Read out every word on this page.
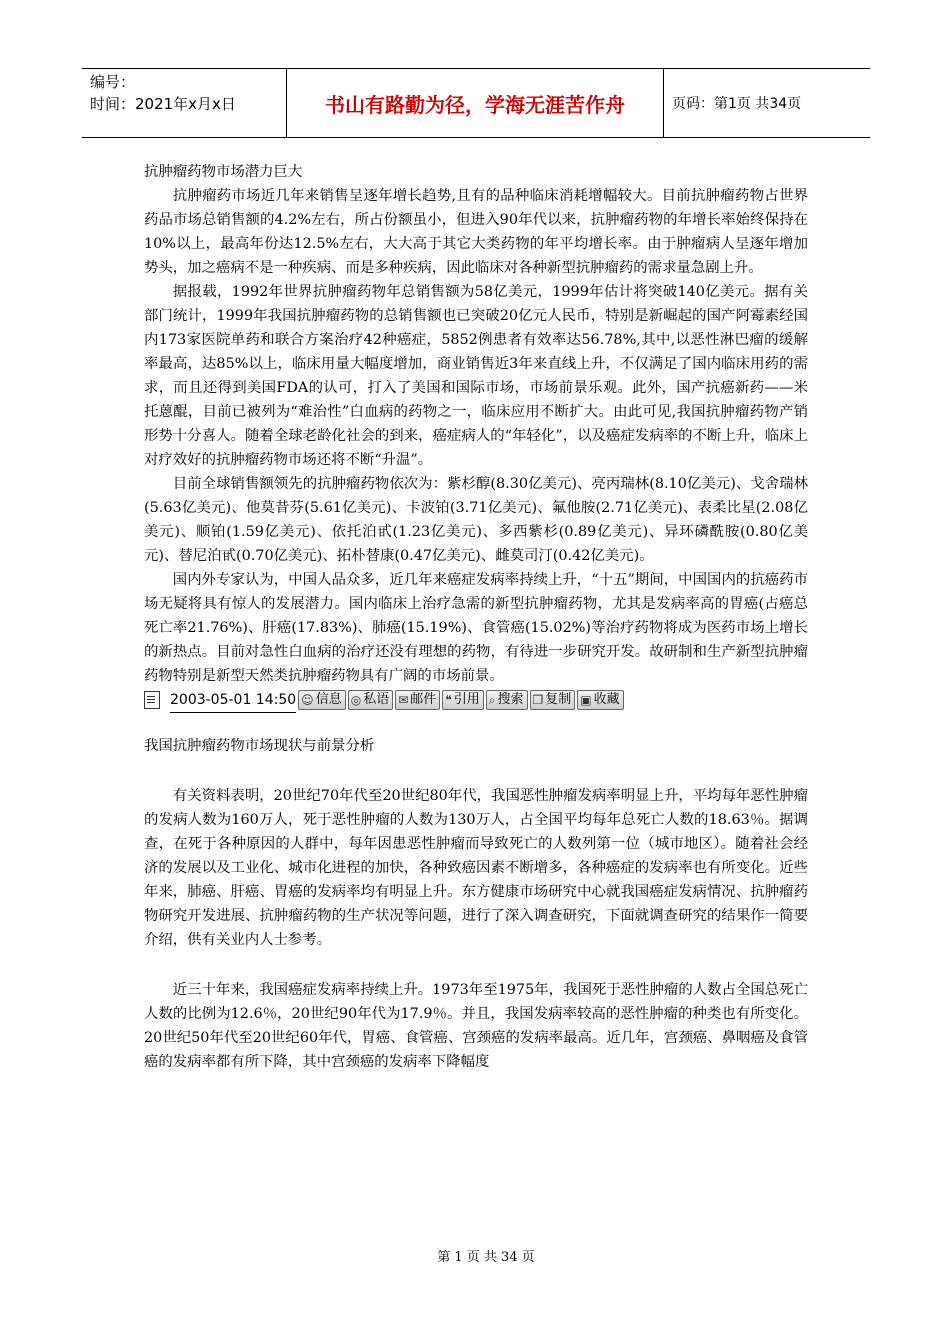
编号：
时间：2021年x月x日	书山有路勤为径，学海无涯苦作舟	页码：第1页 共34页
抗肿瘤药物市场潜力巨大

抗肿瘤药市场近几年来销售呈逐年增长趋势,且有的品种临床消耗增幅较大。目前抗肿瘤药物占世界药品市场总销售额的4.2%左右，所占份额虽小，但进入90年代以来，抗肿瘤药物的年增长率始终保持在10%以上，最高年份达12.5%左右，大大高于其它大类药物的年平均增长率。由于肿瘤病人呈逐年增加势头，加之癌病不是一种疾病、而是多种疾病，因此临床对各种新型抗肿瘤药的需求量急剧上升。

据报载，1992年世界抗肿瘤药物年总销售额为58亿美元，1999年估计将突破140亿美元。据有关部门统计，1999年我国抗肿瘤药物的总销售额也已突破20亿元人民币，特别是新崛起的国产阿霉素经国内173家医院单药和联合方案治疗42种癌症，5852例患者有效率达56.78%,其中,以恶性淋巴瘤的缓解率最高，达85%以上，临床用量大幅度增加，商业销售近3年来直线上升，不仅满足了国内临床用药的需求，而且还得到美国FDA的认可，打入了美国和国际市场，市场前景乐观。此外，国产抗癌新药——米托蒽醌，目前已被列为“难治性”白血病的药物之一，临床应用不断扩大。由此可见,我国抗肿瘤药物产销形势十分喜人。随着全球老龄化社会的到来，癌症病人的“年轻化”，以及癌症发病率的不断上升，临床上对疗效好的抗肿瘤药物市场还将不断“升温”。

目前全球销售额领先的抗肿瘤药物依次为：紫杉醇(8.30亿美元)、亮丙瑞林(8.10亿美元)、戈舍瑞林(5.63亿美元)、他莫昔芬(5.61亿美元)、卡波铂(3.71亿美元)、氟他胺(2.71亿美元)、表柔比星(2.08亿美元)、顺铂(1.59亿美元)、依托泊甙(1.23亿美元)、多西紫杉(0.89亿美元)、异环磷酰胺(0.80亿美元)、替尼泊甙(0.70亿美元)、拓朴替康(0.47亿美元)、雌莫司汀(0.42亿美元)。

国内外专家认为，中国人品众多，近几年来癌症发病率持续上升，“十五”期间，中国国内的抗癌药市场无疑将具有惊人的发展潜力。国内临床上治疗急需的新型抗肿瘤药物，尤其是发病率高的胃癌(占癌总死亡率21.76%)、肝癌(17.83%)、肺癌(15.19%)、食管癌(15.02%)等治疗药物将成为医药市场上增长的新热点。目前对急性白血病的治疗还没有理想的药物，有待进一步研究开发。故研制和生产新型抗肿瘤药物特别是新型天然类抗肿瘤药物具有广阔的市场前景。

2003-05-01 14:50 ☺ 信息 ◎ 私语 ✉ 邮件 ❝ 引用 ⌕ 搜索 ❐ 复制 ▣ 收藏
我国抗肿瘤药物市场现状与前景分析

有关资料表明，20世纪70年代至20世纪80年代，我国恶性肿瘤发病率明显上升，平均每年恶性肿瘤的发病人数为160万人，死于恶性肿瘤的人数为130万人，占全国平均每年总死亡人数的18.63％。据调查，在死于各种原因的人群中，每年因患恶性肿瘤而导致死亡的人数列第一位（城市地区）。随着社会经济的发展以及工业化、城市化进程的加快，各种致癌因素不断增多，各种癌症的发病率也有所变化。近些年来，肺癌、肝癌、胃癌的发病率均有明显上升。东方健康市场研究中心就我国癌症发病情况、抗肿瘤药物研究开发进展、抗肿瘤药物的生产状况等问题，进行了深入调查研究，下面就调查研究的结果作一简要介绍，供有关业内人士参考。

近三十年来，我国癌症发病率持续上升。1973年至1975年，我国死于恶性肿瘤的人数占全国总死亡人数的比例为12.6％，20世纪90年代为17.9％。并且，我国发病率较高的恶性肿瘤的种类也有所变化。20世纪50年代至20世纪60年代，胃癌、食管癌、宫颈癌的发病率最高。近几年，宫颈癌、鼻咽癌及食管癌的发病率都有所下降，其中宫颈癌的发病率下降幅度

第 1 页 共 34 页
